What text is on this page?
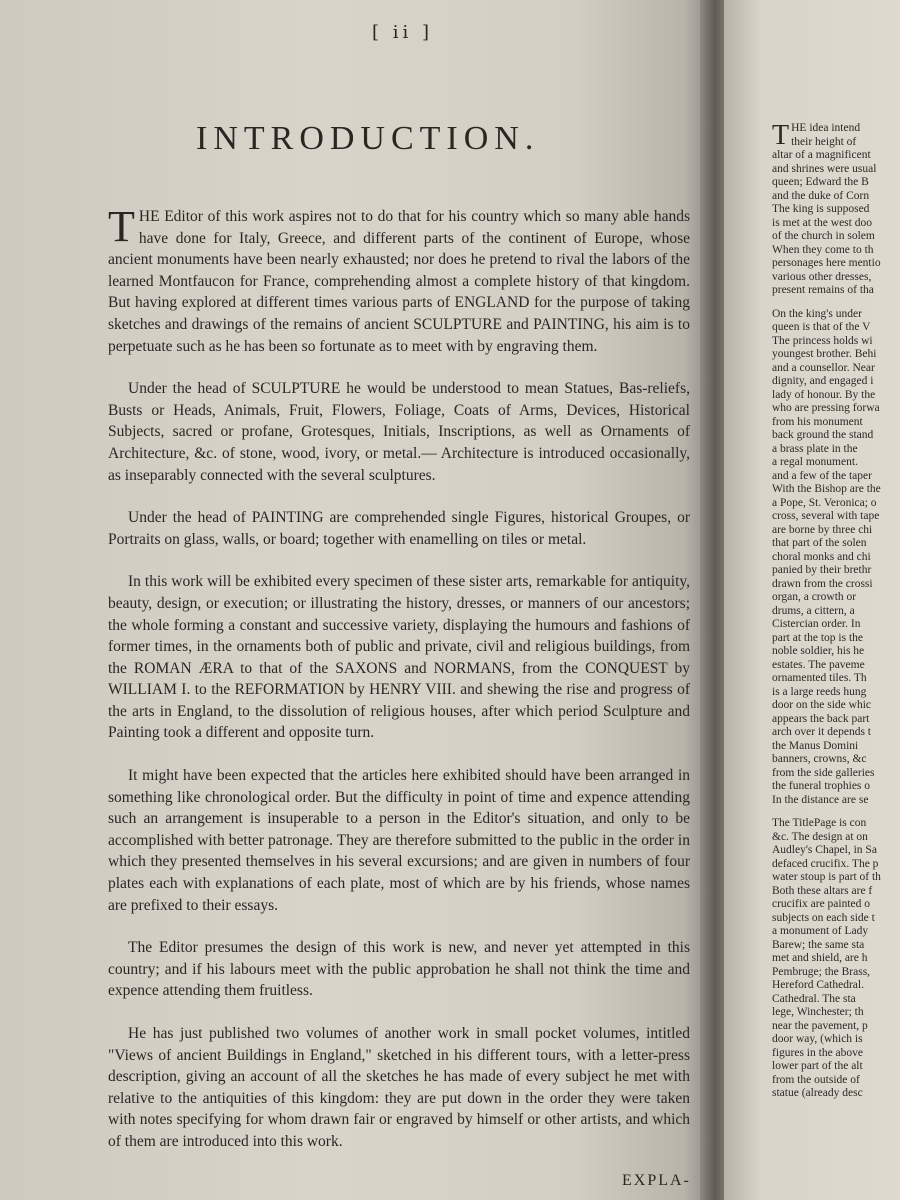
[ ii ]
INTRODUCTION.

THE Editor of this work aspires not to do that for his country which so many able hands have done for Italy, Greece, and different parts of the continent of Europe, whose ancient monuments have been nearly exhausted; nor does he pretend to rival the labors of the learned Montfaucon for France, comprehending almost a complete history of that kingdom. But having explored at different times various parts of ENGLAND for the purpose of taking sketches and drawings of the remains of ancient SCULPTURE and PAINTING, his aim is to perpetuate such as he has been so fortunate as to meet with by engraving them.

Under the head of SCULPTURE he would be understood to mean Statues, Bas-reliefs, Busts or Heads, Animals, Fruit, Flowers, Foliage, Coats of Arms, Devices, Historical Subjects, sacred or profane, Grotesques, Initials, Inscriptions, as well as Ornaments of Architecture, &c. of stone, wood, ivory, or metal.— Architecture is introduced occasionally, as inseparably connected with the several sculptures.

Under the head of PAINTING are comprehended single Figures, historical Groupes, or Portraits on glass, walls, or board; together with enamelling on tiles or metal.

In this work will be exhibited every specimen of these sister arts, remarkable for antiquity, beauty, design, or execution; or illustrating the history, dresses, or manners of our ancestors; the whole forming a constant and successive variety, displaying the humours and fashions of former times, in the ornaments both of public and private, civil and religious buildings, from the ROMAN ÆRA to that of the SAXONS and NORMANS, from the CONQUEST by WILLIAM I. to the REFORMATION by HENRY VIII. and shewing the rise and progress of the arts in England, to the dissolution of religious houses, after which period Sculpture and Painting took a different and opposite turn.

It might have been expected that the articles here exhibited should have been arranged in something like chronological order. But the difficulty in point of time and expence attending such an arrangement is insuperable to a person in the Editor's situation, and only to be accomplished with better patronage. They are therefore submitted to the public in the order in which they presented themselves in his several excursions; and are given in numbers of four plates each with explanations of each plate, most of which are by his friends, whose names are prefixed to their essays.

The Editor presumes the design of this work is new, and never yet attempted in this country; and if his labours meet with the public approbation he shall not think the time and expence attending them fruitless.

He has just published two volumes of another work in small pocket volumes, intitled "Views of ancient Buildings in England," sketched in his different tours, with a letter-press description, giving an account of all the sketches he has made of every subject he met with relative to the antiquities of this kingdom: they are put down in the order they were taken with notes specifying for whom drawn fair or engraved by himself or other artists, and which of them are introduced into this work.

EXPLA-
T HE idea intend
their height of
altar of a magnificent
and shrines were usual
queen; Edward the B
and the duke of Corn
The king is supposed
is met at the west doo
of the church in solem
When they come to th
personages here mentio
various other dresses,
present remains of tha
On the king's under
queen is that of the V
The princess holds wi
youngest brother. Behi
and a counsellor. Near
dignity, and engaged i
lady of honour. By the
who are pressing forwa
from his monument
back ground the stand
a brass plate in the
a regal monument.
and a few of the taper
With the Bishop are the
a Pope, St. Veronica; o
cross, several with tape
are borne by three chi
that part of the solen
choral monks and chi
panied by their brethr
drawn from the crossi
organ, a crowth or
drums, a cittern, a
Cistercian order. In
part at the top is the
noble soldier, his he
estates. The paveme
ornamented tiles. Th
is a large reeds hung
door on the side whic
appears the back part
arch over it depends t
the Manus Domini
banners, crowns, &c
from the side galleries
the funeral trophies o
In the distance are se
The TitlePage is con
&c. The design at on
Audley's Chapel, in Sa
defaced crucifix. The p
water stoup is part of th
Both these altars are f
crucifix are painted o
subjects on each side t
a monument of Lady
Barew; the same sta
met and shield, are h
Pembruge; the Brass,
Hereford Cathedral.
Cathedral. The sta
lege, Winchester; th
near the pavement, p
door way, (which is
figures in the above
lower part of the alt
from the outside of
statue (already desc
